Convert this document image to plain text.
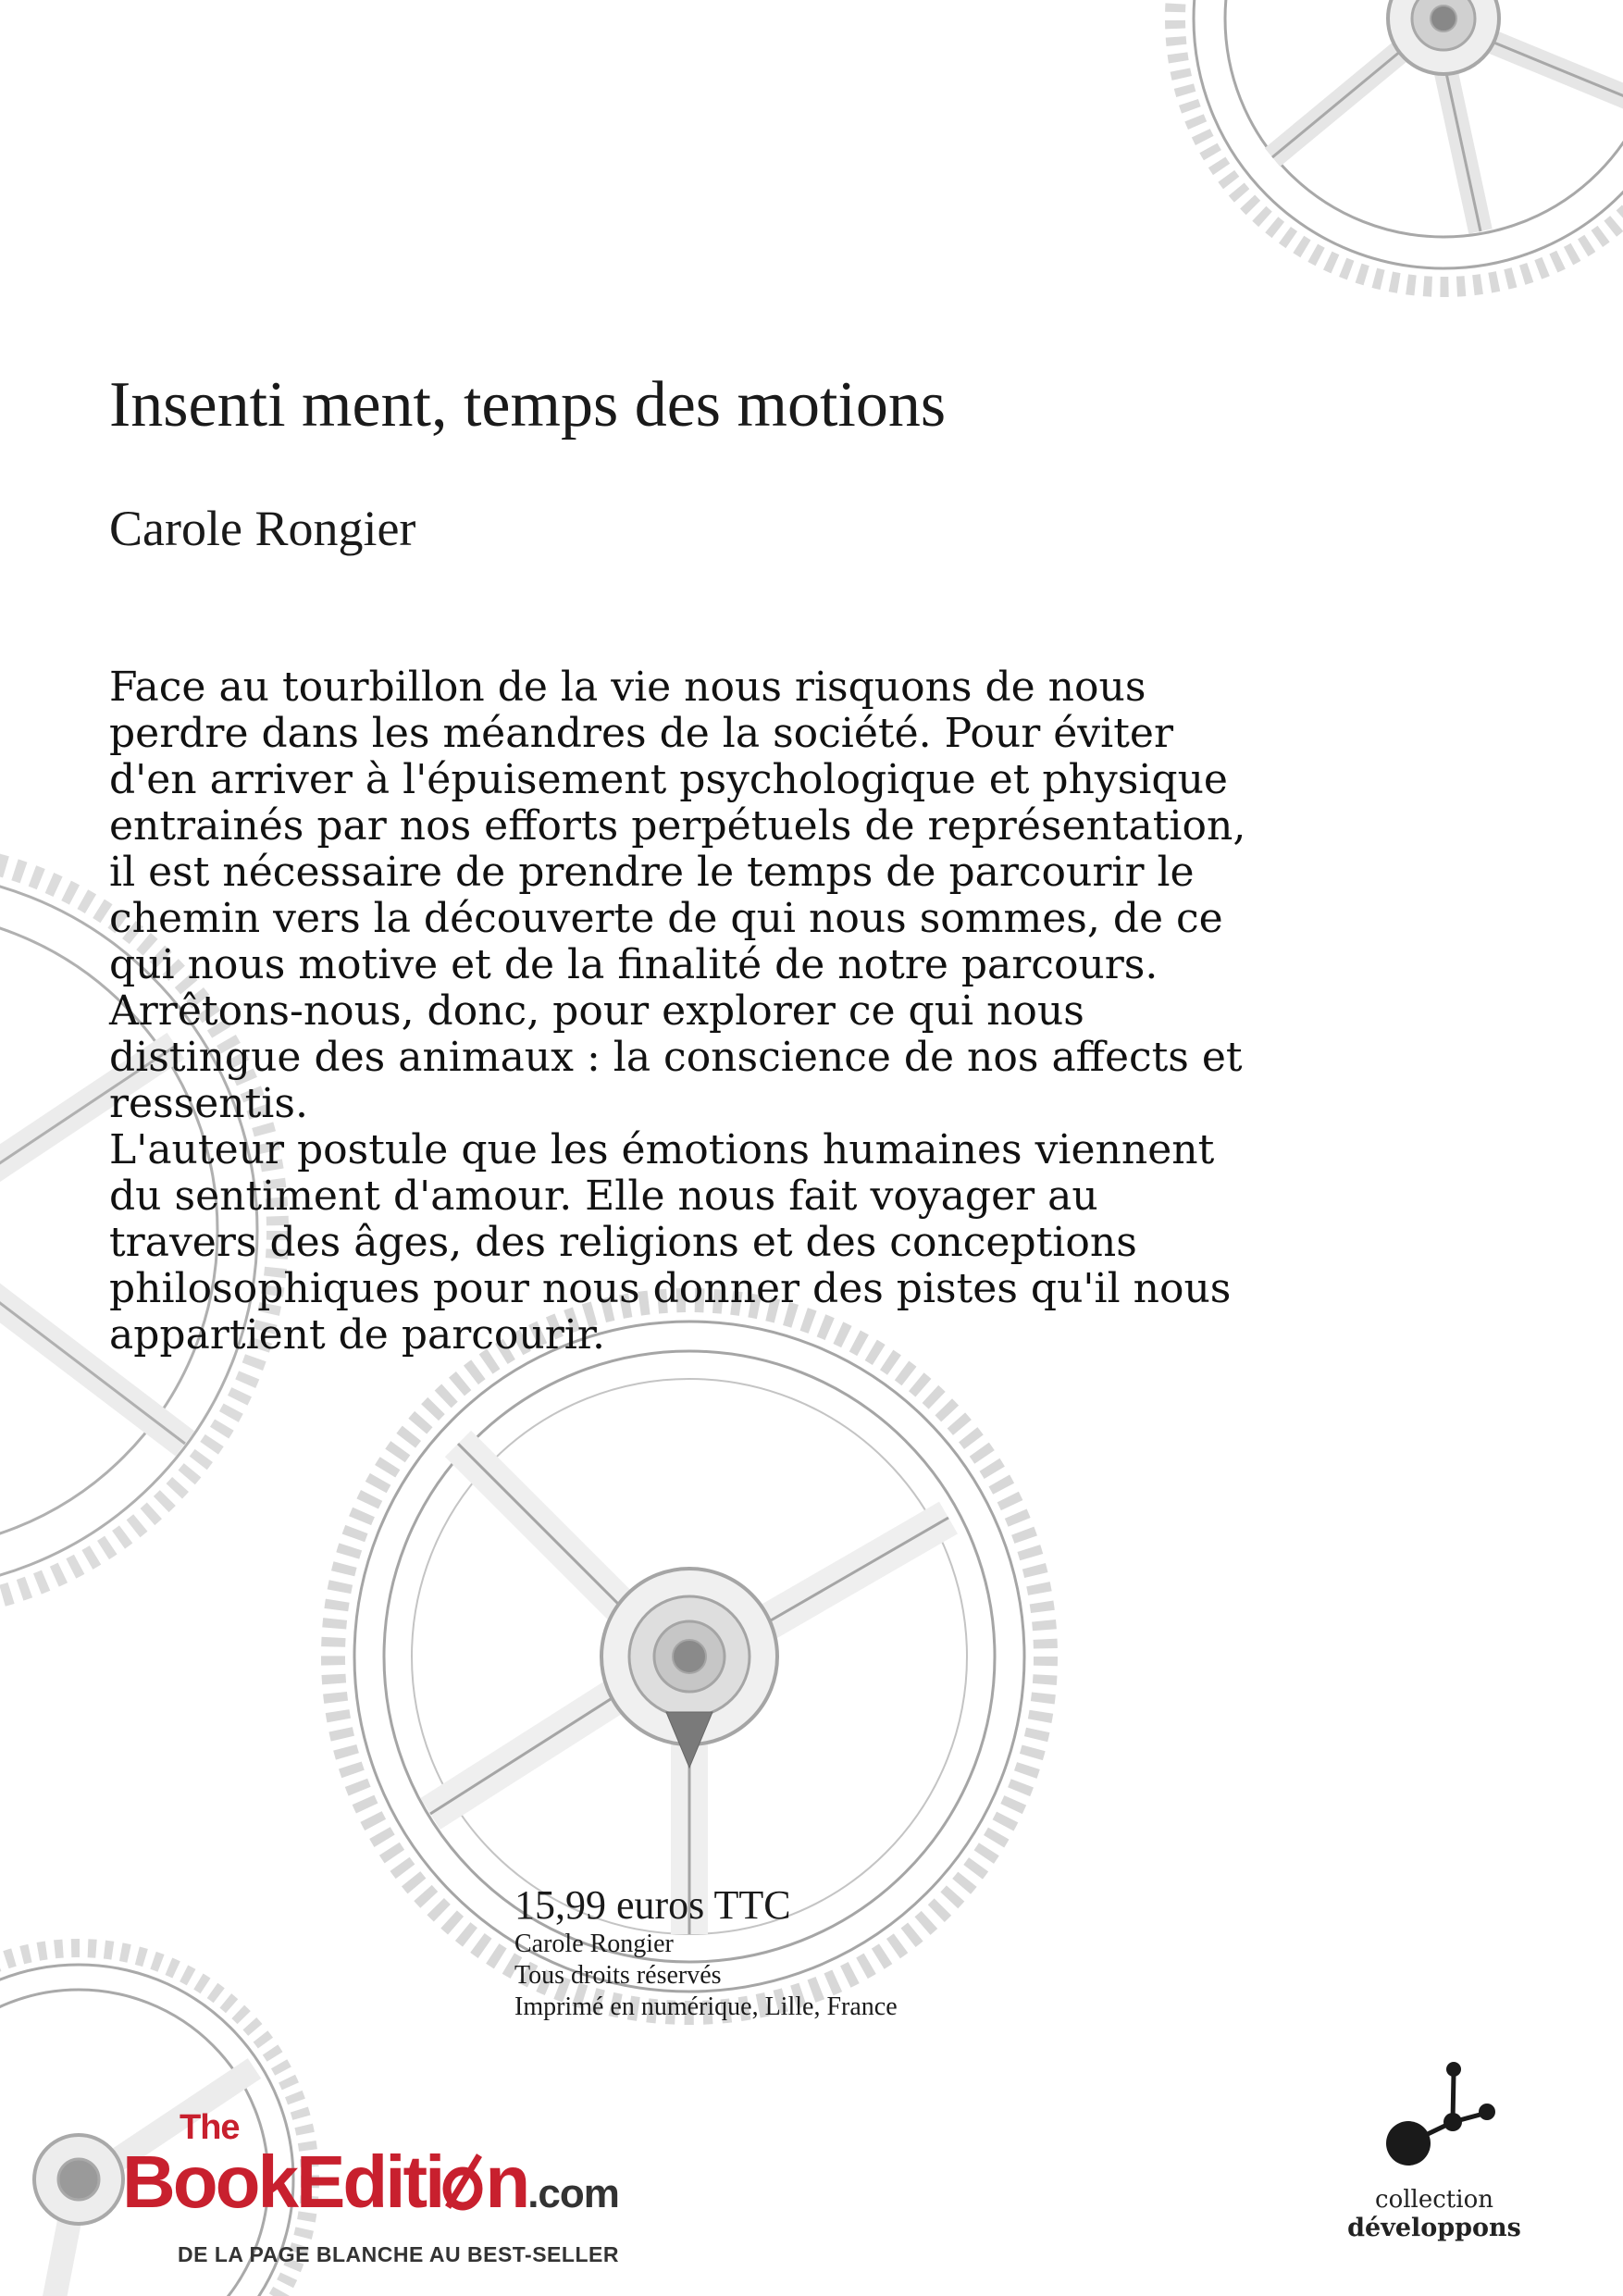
Insenti ment, temps des motions
Carole Rongier

Face au tourbillon de la vie nous risquons de nous perdre dans les méandres de la société. Pour éviter d'en arriver à l'épuisement psychologique et physique entrainés par nos efforts perpétuels de représentation, il est nécessaire de prendre le temps de parcourir le chemin vers la découverte de qui nous sommes, de ce qui nous motive et de la finalité de notre parcours.

Arrêtons-nous, donc, pour explorer ce qui nous distingue des animaux : la conscience de nos affects et ressentis.

L'auteur postule que les émotions humaines viennent du sentiment d'amour. Elle nous fait voyager au travers des âges, des religions et des conceptions philosophiques pour nous donner des pistes qu'il nous appartient de parcourir.

15,99 euros TTC
Carole Rongier
Tous droits réservés
Imprimé en numérique, Lille, France
The
BookEditi n.com
DE LA PAGE BLANCHE AU BEST-SELLER
collection
développons
